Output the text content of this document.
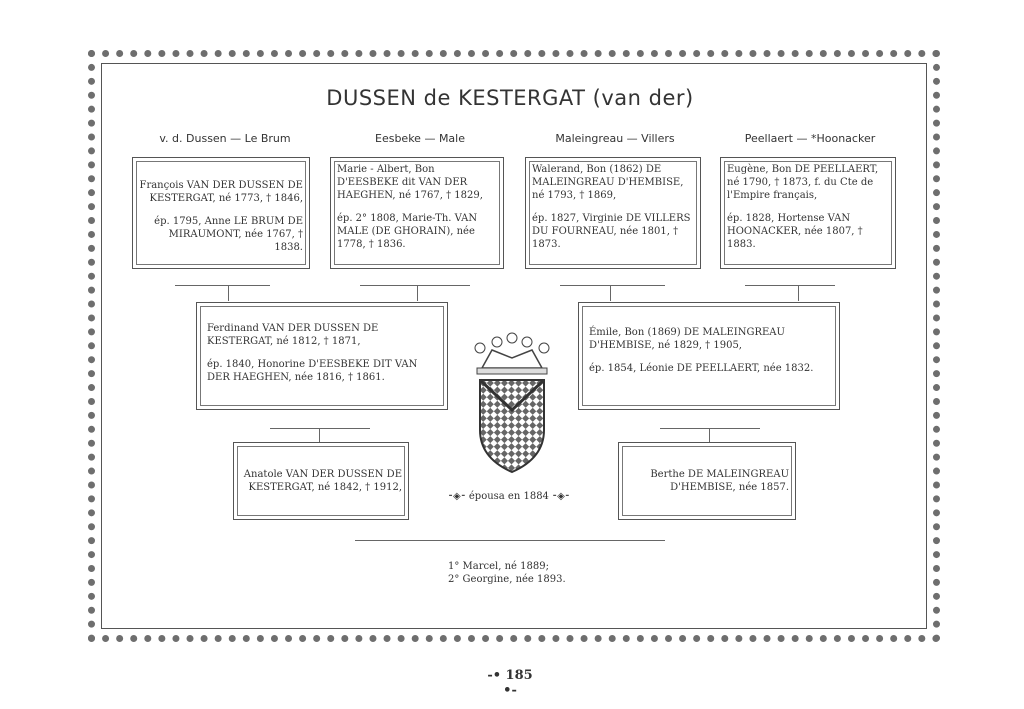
DUSSEN de KESTERGAT (van der)
v. d. Dussen — Le Brum	Eesbeke — Male	Maleingreau — Villers	Peellaert — *Hoonacker

François VAN DER DUSSEN DE KESTERGAT, né 1773, † 1846,

ép. 1795, Anne LE BRUM DE MIRAUMONT, née 1767, † 1838.

Marie - Albert, Bon D'EESBEKE dit VAN DER HAEGHEN, né 1767, † 1829,

ép. 2° 1808, Marie-Th. VAN MALE (DE GHORAIN), née 1778, † 1836.

Walerand, Bon (1862) DE MALEINGREAU D'HEMBISE, né 1793, † 1869,

ép. 1827, Virginie DE VILLERS DU FOURNEAU, née 1801, † 1873.

Eugène, Bon DE PEELLAERT, né 1790, † 1873, f. du Cte de l'Empire français,

ép. 1828, Hortense VAN HOONACKER, née 1807, † 1883.

Ferdinand VAN DER DUSSEN DE KESTERGAT, né 1812, † 1871,

ép. 1840, Honorine D'EESBEKE DIT VAN DER HAEGHEN, née 1816, † 1861.

Émile, Bon (1869) DE MALEINGREAU D'HEMBISE, né 1829, † 1905,

ép. 1854, Léonie DE PEELLAERT, née 1832.

Anatole VAN DER DUSSEN DE KESTERGAT, né 1842, † 1912,

Berthe DE MALEINGREAU D'HEMBISE, née 1857.

⁃◈⁃ épousa en 1884 ⁃◈⁃
1° Marcel, né 1889;
2° Georgine, née 1893.
-• 185 •-
